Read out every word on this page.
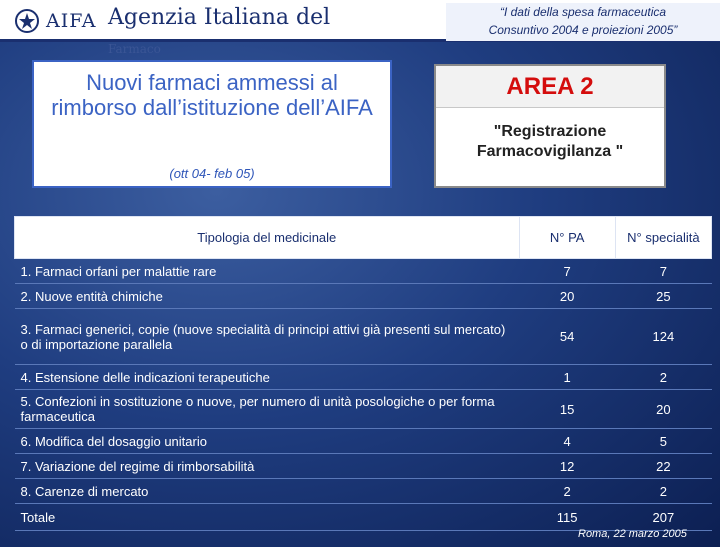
AIFA Agenzia Italiana del	“I dati della spesa farmaceutica
Consuntivo 2004 e proiezioni 2005”
Farmaco
Nuovi farmaci ammessi al rimborso dall’istituzione dell’AIFA
(ott 04- feb 05)
AREA 2
"Registrazione Farmacovigilanza "
Tipologia del medicinale	N° PA	N° specialità
1. Farmaci orfani per malattie rare	7	7
2. Nuove entità chimiche	20	25
3. Farmaci generici, copie (nuove specialità di principi attivi già presenti sul mercato) o di importazione parallela	54	124
4. Estensione delle indicazioni terapeutiche	1	2
5. Confezioni in sostituzione o nuove, per numero di unità posologiche o per forma farmaceutica	15	20
6. Modifica del dosaggio unitario	4	5
7. Variazione del regime di rimborsabilità	12	22
8. Carenze di mercato	2	2
Totale	115	207
Roma, 22 marzo 2005
